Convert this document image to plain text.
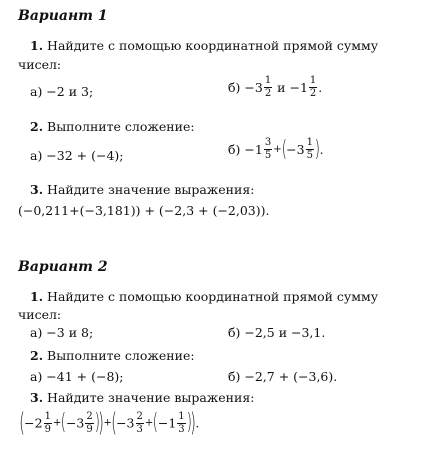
Вариант 1
1. Найдите с помощью координатной прямой сумму
чисел:
а) −2 и 3;	$б) -3 \frac{1}{2}$ $и -1 \frac{1}{2}$ .
2. Выполните сложение:
а) −32 + (−4);	$б) -1 \frac{3}{5} +(-3 \frac{1}{5}$ ).
3. Найдите значение выражения:
(−0,211+(−3,181)) + (−2,3 + (−2,03)).
Вариант 2
1. Найдите с помощью координатной прямой сумму
чисел:
а) −3 и 8;	б) −2,5 и −3,1.
2. Выполните сложение:
а) −41 + (−8);	б) −2,7 + (−3,6).
3. Найдите значение выражения:
$(-2 \frac{1}{9} +(-3 \frac{2}{9} ))+(-3 \frac{2}{3} +(-1 \frac{1}{3}$ )).
